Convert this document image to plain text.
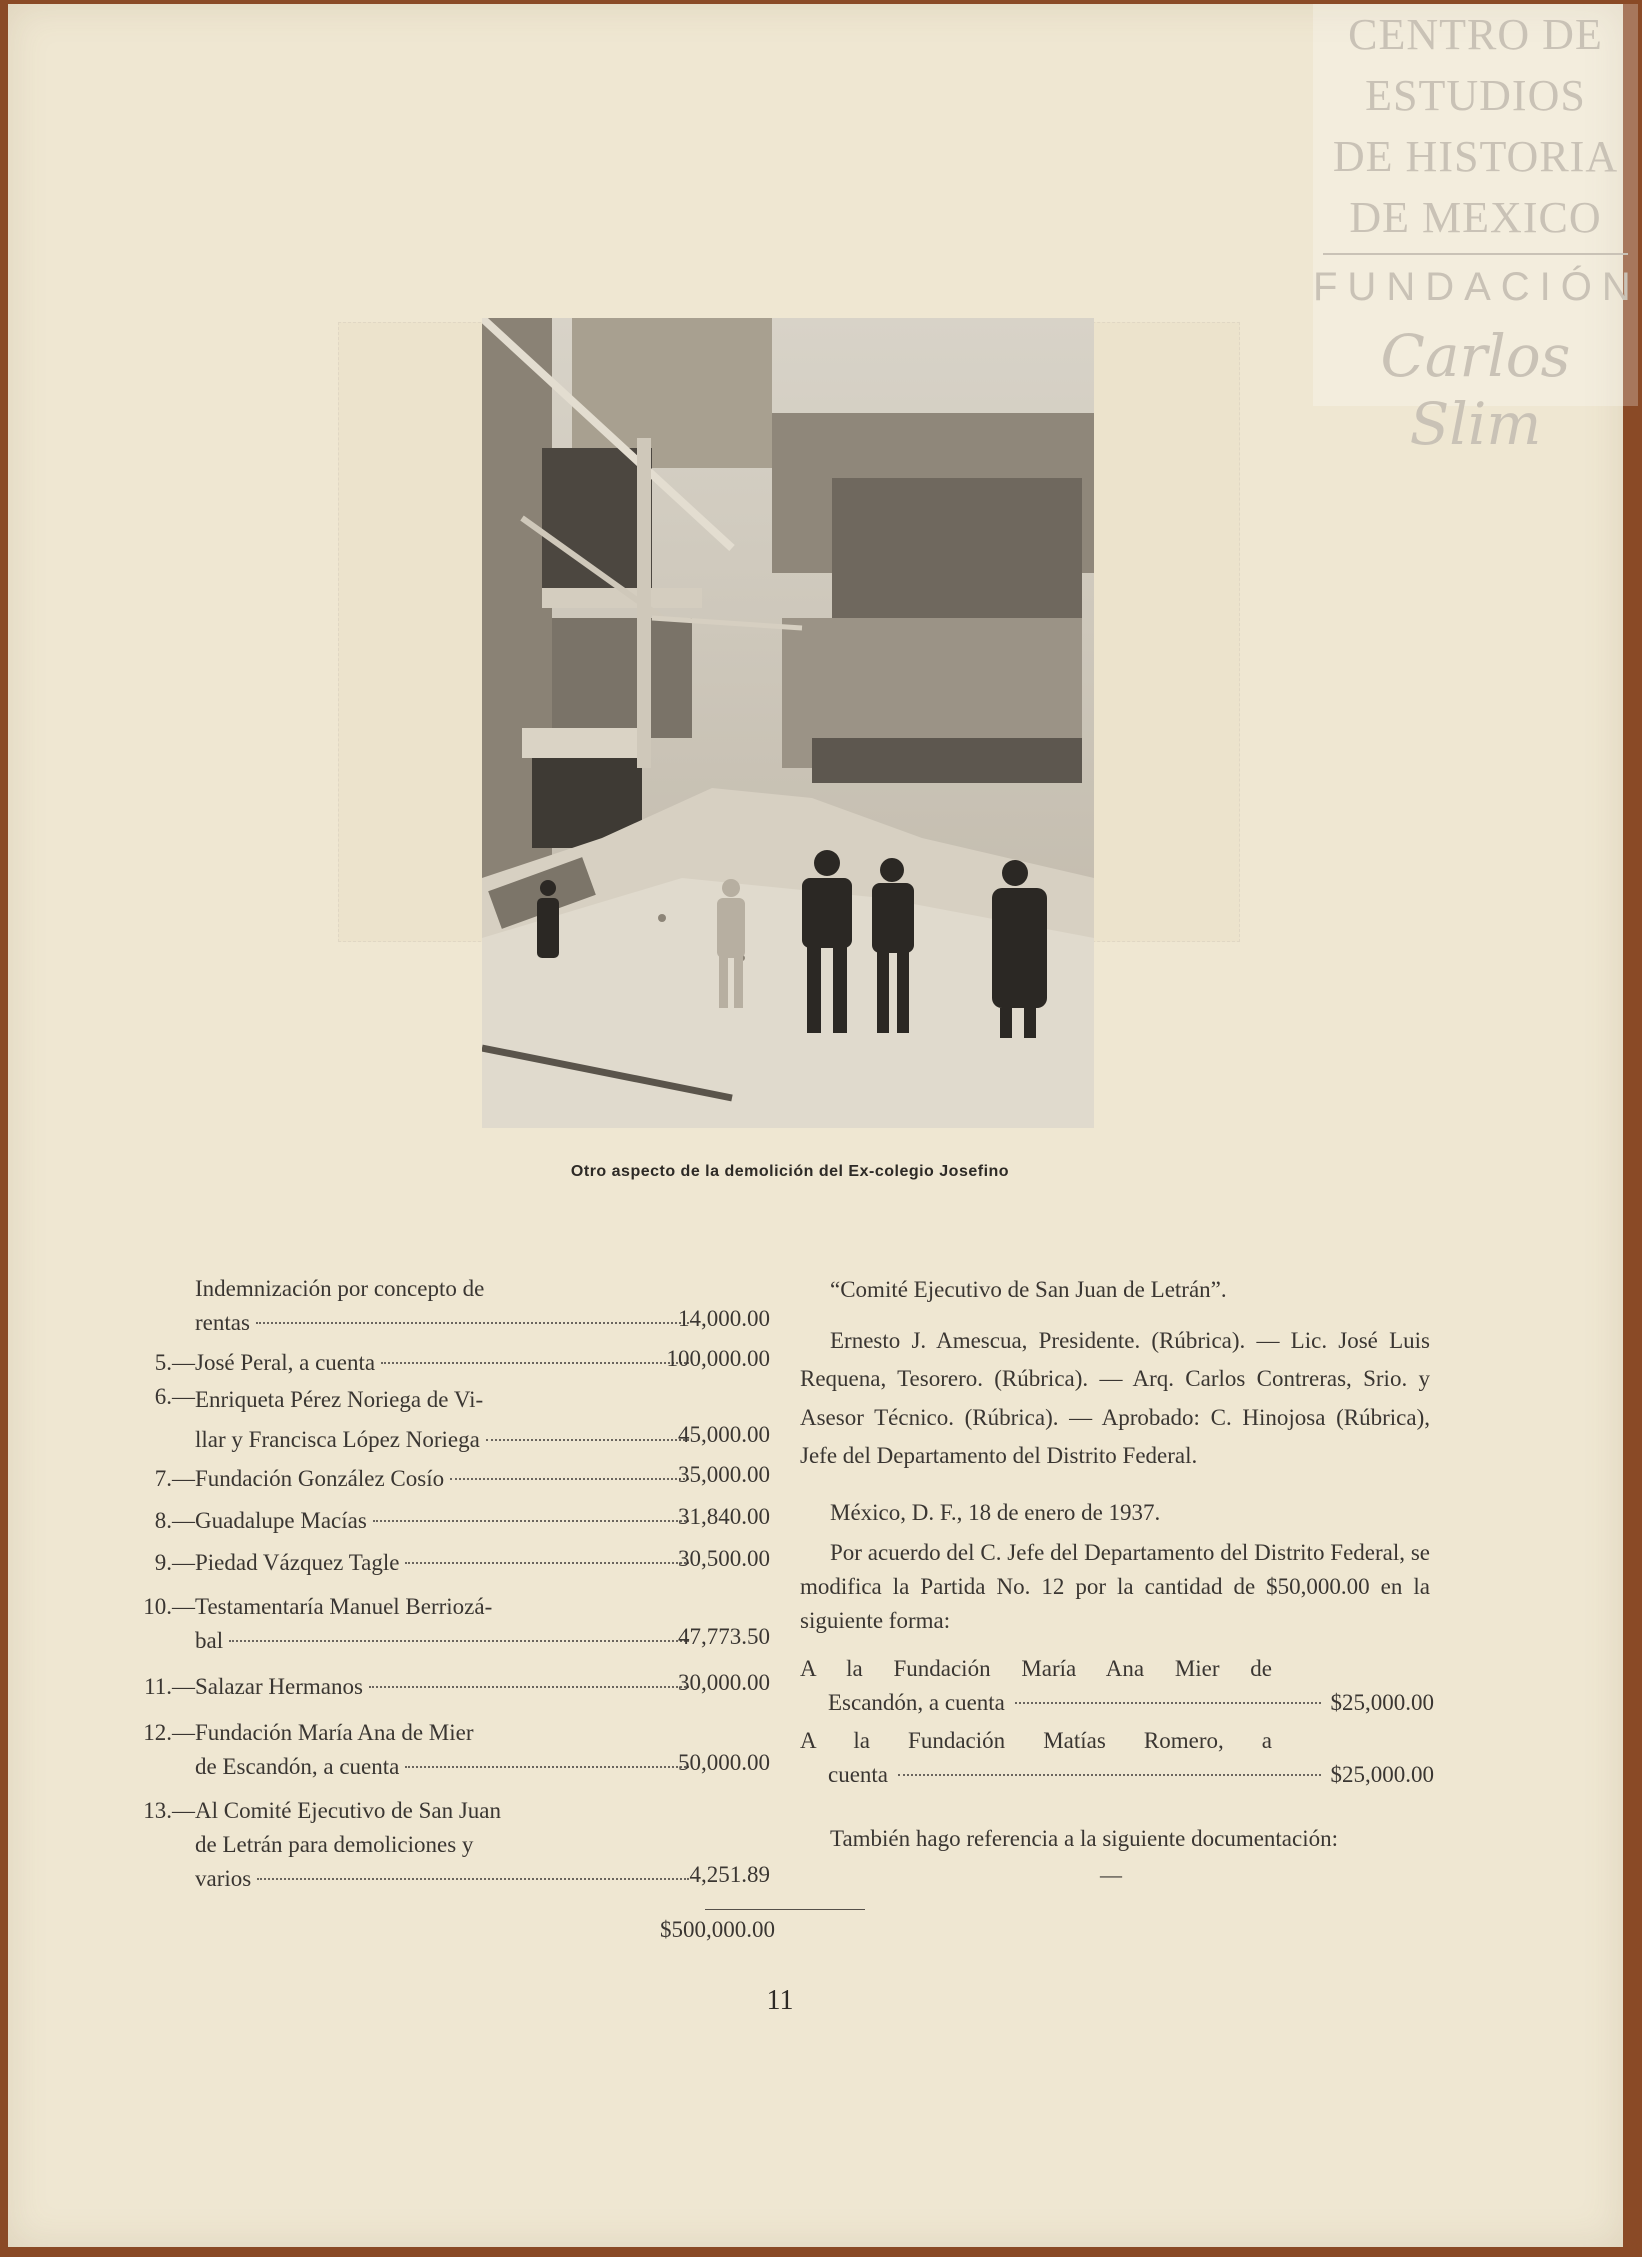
CENTRO DE
ESTUDIOS
DE HISTORIA
DE MEXICO
FUNDACIÓN
Carlos Slim
Otro aspecto de la demolición del Ex-colegio Josefino
Indemnización por concepto de
rentas	14,000.00
5.— José Peral, a cuenta	100,000.00
6.— Enriqueta Pérez Noriega de Vi-
llar y Francisca López Noriega	45,000.00
7.— Fundación González Cosío	35,000.00
8.— Guadalupe Macías	31,840.00
9.— Piedad Vázquez Tagle	30,500.00
10.— Testamentaría Manuel Berriozá-
bal	47,773.50
11.— Salazar Hermanos	30,000.00
12.— Fundación María Ana de Mier
de Escandón, a cuenta	50,000.00
13.— Al Comité Ejecutivo de San Juan
de Letrán para demoliciones y
varios	4,251.89
$500,000.00

“Comité Ejecutivo de San Juan de Letrán”.

Ernesto J. Amescua, Presidente. (Rúbrica). — Lic. José Luis Requena, Tesorero. (Rúbrica). — Arq. Carlos Contreras, Srio. y Asesor Técnico. (Rúbrica). — Aprobado: C. Hinojosa (Rúbrica), Jefe del Departamento del Distrito Federal.

México, D. F., 18 de enero de 1937.

Por acuerdo del C. Jefe del Departamento del Distrito Federal, se modifica la Partida No. 12 por la cantidad de $50,000.00 en la siguiente forma:

A la Fundación María Ana Mier de
Escandón, a cuenta	$25,000.00
A la Fundación Matías Romero, a
cuenta	$25,000.00

También hago referencia a la siguiente documentación:

—
11
